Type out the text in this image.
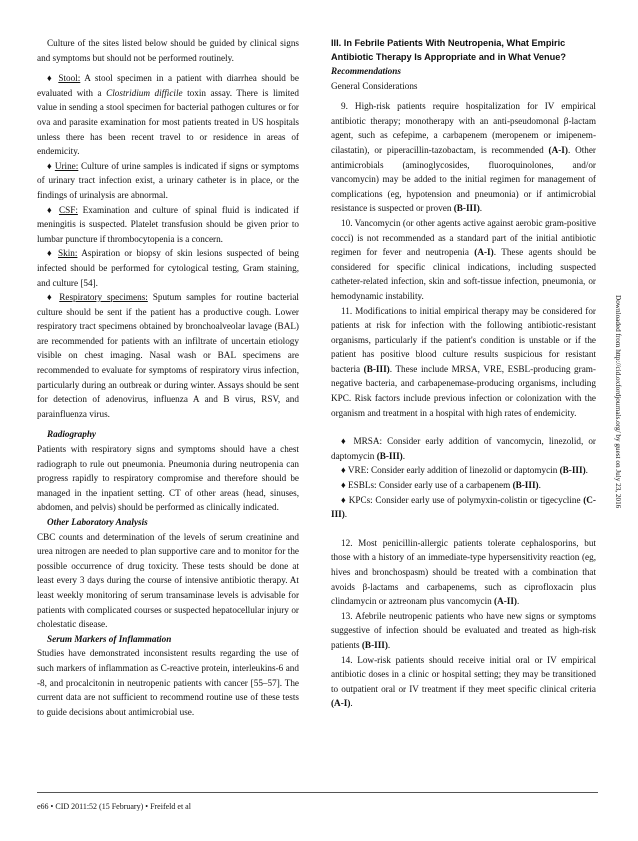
Culture of the sites listed below should be guided by clinical signs and symptoms but should not be performed routinely.

♦ Stool: A stool specimen in a patient with diarrhea should be evaluated with a Clostridium difficile toxin assay. There is limited value in sending a stool specimen for bacterial pathogen cultures or for ova and parasite examination for most patients treated in US hospitals unless there has been recent travel to or residence in areas of endemicity.

♦ Urine: Culture of urine samples is indicated if signs or symptoms of urinary tract infection exist, a urinary catheter is in place, or the findings of urinalysis are abnormal.

♦ CSF: Examination and culture of spinal fluid is indicated if meningitis is suspected. Platelet transfusion should be given prior to lumbar puncture if thrombocytopenia is a concern.

♦ Skin: Aspiration or biopsy of skin lesions suspected of being infected should be performed for cytological testing, Gram staining, and culture [54].

♦ Respiratory specimens: Sputum samples for routine bacterial culture should be sent if the patient has a productive cough. Lower respiratory tract specimens obtained by bronchoalveolar lavage (BAL) are recommended for patients with an infiltrate of uncertain etiology visible on chest imaging. Nasal wash or BAL specimens are recommended to evaluate for symptoms of respiratory virus infection, particularly during an outbreak or during winter. Assays should be sent for detection of adenovirus, influenza A and B virus, RSV, and parainfluenza virus.

Radiography

Patients with respiratory signs and symptoms should have a chest radiograph to rule out pneumonia. Pneumonia during neutropenia can progress rapidly to respiratory compromise and therefore should be managed in the inpatient setting. CT of other areas (head, sinuses, abdomen, and pelvis) should be performed as clinically indicated.

Other Laboratory Analysis

CBC counts and determination of the levels of serum creatinine and urea nitrogen are needed to plan supportive care and to monitor for the possible occurrence of drug toxicity. These tests should be done at least every 3 days during the course of intensive antibiotic therapy. At least weekly monitoring of serum transaminase levels is advisable for patients with complicated courses or suspected hepatocellular injury or cholestatic disease.

Serum Markers of Inflammation

Studies have demonstrated inconsistent results regarding the use of such markers of inflammation as C-reactive protein, interleukins-6 and -8, and procalcitonin in neutropenic patients with cancer [55–57]. The current data are not sufficient to recommend routine use of these tests to guide decisions about antimicrobial use.

III. In Febrile Patients With Neutropenia, What Empiric Antibiotic Therapy Is Appropriate and in What Venue?

Recommendations

General Considerations

9. High-risk patients require hospitalization for IV empirical antibiotic therapy; monotherapy with an anti-pseudomonal β-lactam agent, such as cefepime, a carbapenem (meropenem or imipenem-cilastatin), or piperacillin-tazobactam, is recommended (A-I). Other antimicrobials (aminoglycosides, fluoroquinolones, and/or vancomycin) may be added to the initial regimen for management of complications (eg, hypotension and pneumonia) or if antimicrobial resistance is suspected or proven (B-III).

10. Vancomycin (or other agents active against aerobic gram-positive cocci) is not recommended as a standard part of the initial antibiotic regimen for fever and neutropenia (A-I). These agents should be considered for specific clinical indications, including suspected catheter-related infection, skin and soft-tissue infection, pneumonia, or hemodynamic instability.

11. Modifications to initial empirical therapy may be considered for patients at risk for infection with the following antibiotic-resistant organisms, particularly if the patient's condition is unstable or if the patient has positive blood culture results suspicious for resistant bacteria (B-III). These include MRSA, VRE, ESBL-producing gram-negative bacteria, and carbapenemase-producing organisms, including KPC. Risk factors include previous infection or colonization with the organism and treatment in a hospital with high rates of endemicity.

♦ MRSA: Consider early addition of vancomycin, linezolid, or daptomycin (B-III).

♦ VRE: Consider early addition of linezolid or daptomycin (B-III).

♦ ESBLs: Consider early use of a carbapenem (B-III).

♦ KPCs: Consider early use of polymyxin-colistin or tigecycline (C-III).

12. Most penicillin-allergic patients tolerate cephalosporins, but those with a history of an immediate-type hypersensitivity reaction (eg, hives and bronchospasm) should be treated with a combination that avoids β-lactams and carbapenems, such as ciprofloxacin plus clindamycin or aztreonam plus vancomycin (A-II).

13. Afebrile neutropenic patients who have new signs or symptoms suggestive of infection should be evaluated and treated as high-risk patients (B-III).

14. Low-risk patients should receive initial oral or IV empirical antibiotic doses in a clinic or hospital setting; they may be transitioned to outpatient oral or IV treatment if they meet specific clinical criteria (A-I).

e66 • CID 2011:52 (15 February) • Freifeld et al
Downloaded from http://cid.oxfordjournals.org/ by guest on July 23, 2016
